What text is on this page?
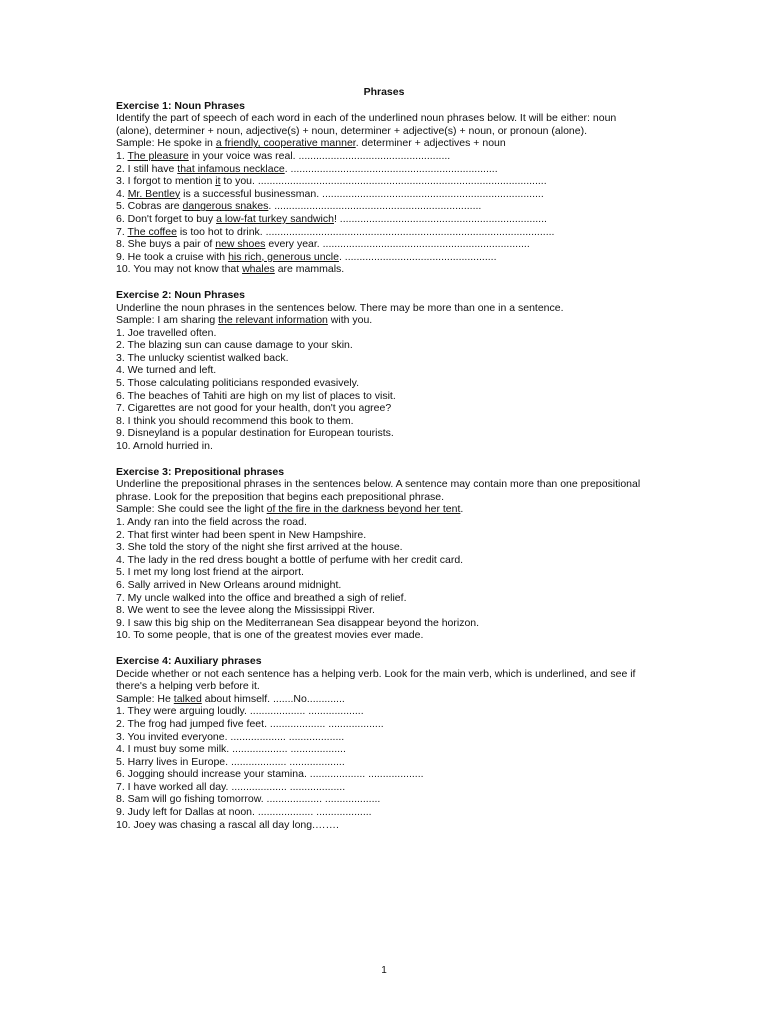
Phrases
Exercise 1: Noun Phrases

Identify the part of speech of each word in each of the underlined noun phrases below. It will be either: noun (alone), determiner + noun, adjective(s) + noun, determiner + adjective(s) + noun, or pronoun (alone).

Sample: He spoke in a friendly, cooperative manner. determiner + adjectives + noun

1. The pleasure in your voice was real. ....................................................
2. I still have that infamous necklace. .......................................................................
3. I forgot to mention it to you. ...................................................................................................
4. Mr. Bentley is a successful businessman. ............................................................................
5. Cobras are dangerous snakes. .......................................................................
6. Don't forget to buy a low-fat turkey sandwich! .......................................................................
7. The coffee is too hot to drink. ...................................................................................................
8. She buys a pair of new shoes every year. .......................................................................
9. He took a cruise with his rich, generous uncle. ....................................................
10. You may not know that whales are mammals.
Exercise 2: Noun Phrases

Underline the noun phrases in the sentences below. There may be more than one in a sentence.

Sample: I am sharing the relevant information with you.

1. Joe travelled often.
2. The blazing sun can cause damage to your skin.
3. The unlucky scientist walked back.
4. We turned and left.
5. Those calculating politicians responded evasively.
6. The beaches of Tahiti are high on my list of places to visit.
7. Cigarettes are not good for your health, don't you agree?
8. I think you should recommend this book to them.
9. Disneyland is a popular destination for European tourists.
10. Arnold hurried in.
Exercise 3: Prepositional phrases

Underline the prepositional phrases in the sentences below. A sentence may contain more than one prepositional phrase. Look for the preposition that begins each prepositional phrase.

Sample: She could see the light of the fire in the darkness beyond her tent.

1. Andy ran into the field across the road.
2. That first winter had been spent in New Hampshire.
3. She told the story of the night she first arrived at the house.
4. The lady in the red dress bought a bottle of perfume with her credit card.
5. I met my long lost friend at the airport.
6. Sally arrived in New Orleans around midnight.
7. My uncle walked into the office and breathed a sigh of relief.
8. We went to see the levee along the Mississippi River.
9. I saw this big ship on the Mediterranean Sea disappear beyond the horizon.
10. To some people, that is one of the greatest movies ever made.
Exercise 4: Auxiliary phrases

Decide whether or not each sentence has a helping verb. Look for the main verb, which is underlined, and see if there's a helping verb before it.

Sample: He talked about himself. .......No.............

1. They were arguing loudly. ................... ...................
2. The frog had jumped five feet. ................... ...................
3. You invited everyone. ................... ...................
4. I must buy some milk. ................... ...................
5. Harry lives in Europe. ................... ...................
6. Jogging should increase your stamina. ................... ...................
7. I have worked all day. ................... ...................
8. Sam will go fishing tomorrow. ................... ...................
9. Judy left for Dallas at noon. ................... ...................
10. Joey was chasing a rascal all day long.…….
1
